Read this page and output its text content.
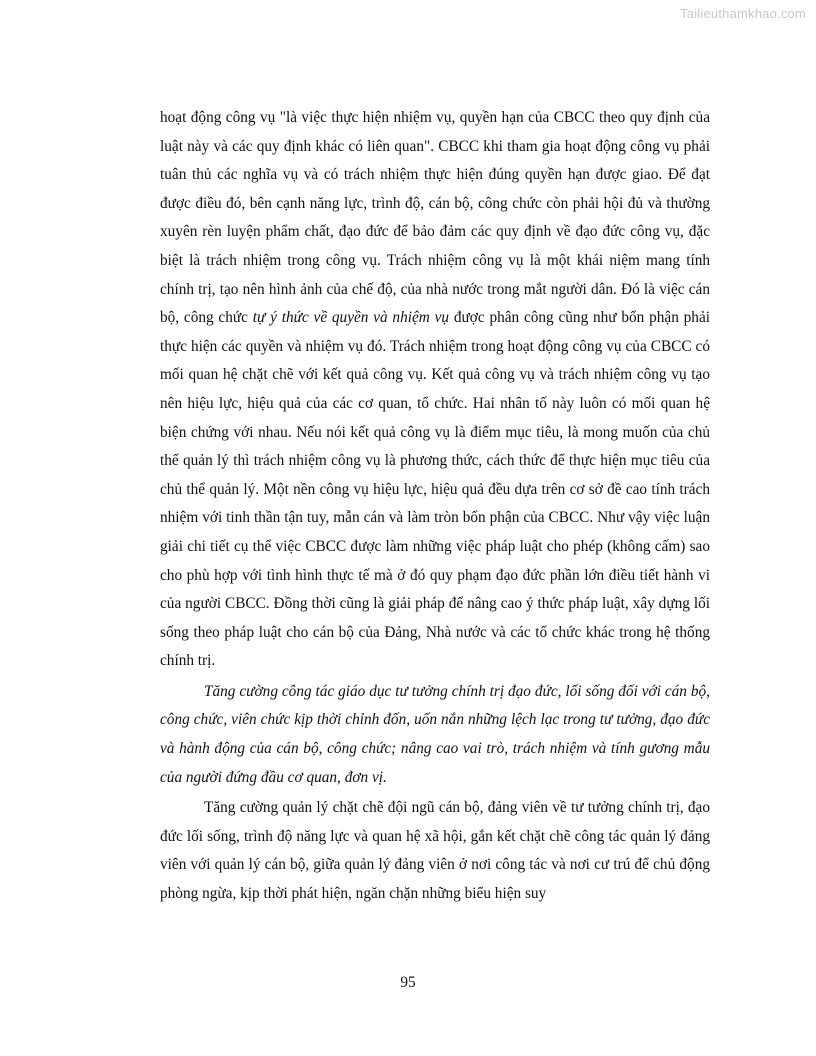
Tailieuthamkhao.com

hoạt động công vụ "là việc thực hiện nhiệm vụ, quyền hạn của CBCC theo quy định của luật này và các quy định khác có liên quan". CBCC khi tham gia hoạt động công vụ phải tuân thủ các nghĩa vụ và có trách nhiệm thực hiện đúng quyền hạn được giao. Để đạt được điều đó, bên cạnh năng lực, trình độ, cán bộ, công chức còn phải hội đủ và thường xuyên rèn luyện phẩm chất, đạo đức để bảo đảm các quy định về đạo đức công vụ, đặc biệt là trách nhiệm trong công vụ. Trách nhiệm công vụ là một khái niệm mang tính chính trị, tạo nên hình ảnh của chế độ, của nhà nước trong mắt người dân. Đó là việc cán bộ, công chức tự ý thức về quyền và nhiệm vụ được phân công cũng như bổn phận phải thực hiện các quyền và nhiệm vụ đó. Trách nhiệm trong hoạt động công vụ của CBCC có mối quan hệ chặt chẽ với kết quả công vụ. Kết quả công vụ và trách nhiệm công vụ tạo nên hiệu lực, hiệu quả của các cơ quan, tổ chức. Hai nhân tố này luôn có mối quan hệ biện chứng với nhau. Nếu nói kết quả công vụ là điểm mục tiêu, là mong muốn của chủ thể quản lý thì trách nhiệm công vụ là phương thức, cách thức để thực hiện mục tiêu của chủ thể quản lý. Một nền công vụ hiệu lực, hiệu quả đều dựa trên cơ sở đề cao tính trách nhiệm với tinh thần tận tuy, mẫn cán và làm tròn bổn phận của CBCC. Như vậy việc luận giải chi tiết cụ thể việc CBCC được làm những việc pháp luật cho phép (không cấm) sao cho phù hợp với tình hình thực tế mà ở đó quy phạm đạo đức phần lớn điều tiết hành vi của người CBCC. Đồng thời cũng là giải pháp để nâng cao ý thức pháp luật, xây dựng lối sống theo pháp luật cho cán bộ của Đảng, Nhà nước và các tổ chức khác trong hệ thống chính trị.

Tăng cường công tác giáo dục tư tưởng chính trị đạo đức, lối sống đối với cán bộ, công chức, viên chức kịp thời chỉnh đốn, uốn nắn những lệch lạc trong tư tưởng, đạo đức và hành động của cán bộ, công chức; nâng cao vai trò, trách nhiệm và tính gương mẫu của người đứng đầu cơ quan, đơn vị.

Tăng cường quản lý chặt chẽ đội ngũ cán bộ, đảng viên về tư tưởng chính trị, đạo đức lối sống, trình độ năng lực và quan hệ xã hội, gắn kết chặt chẽ công tác quản lý đảng viên với quản lý cán bộ, giữa quản lý đảng viên ở nơi công tác và nơi cư trú để chủ động phòng ngừa, kịp thời phát hiện, ngăn chặn những biểu hiện suy

95
